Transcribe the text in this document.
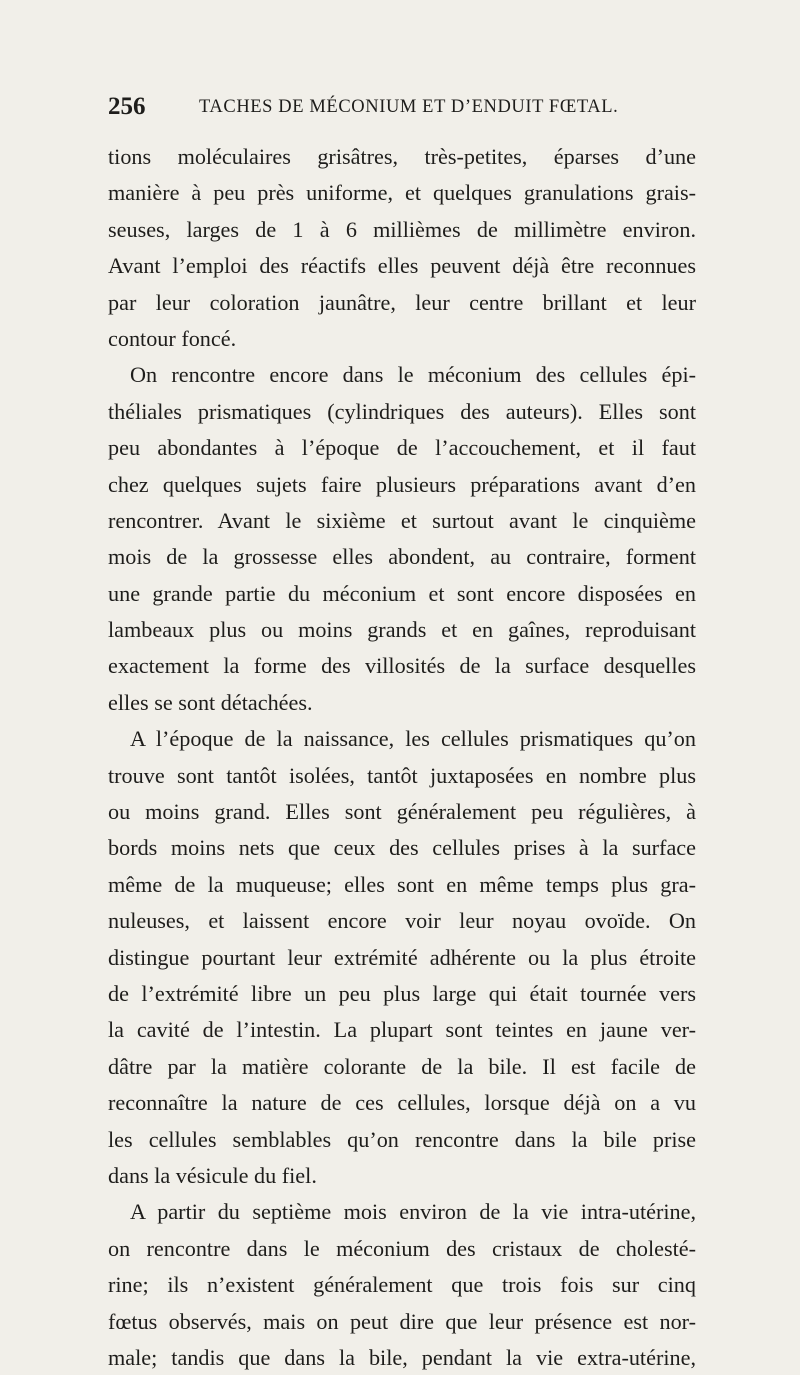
256	TACHES DE MÉCONIUM ET D’ENDUIT FŒTAL.
tions moléculaires grisâtres, très-petites, éparses d’une
manière à peu près uniforme, et quelques granulations grais-
seuses, larges de 1 à 6 millièmes de millimètre environ.
Avant l’emploi des réactifs elles peuvent déjà être reconnues
par leur coloration jaunâtre, leur centre brillant et leur
contour foncé.
On rencontre encore dans le méconium des cellules épi-
théliales prismatiques (cylindriques des auteurs). Elles sont
peu abondantes à l’époque de l’accouchement, et il faut
chez quelques sujets faire plusieurs préparations avant d’en
rencontrer. Avant le sixième et surtout avant le cinquième
mois de la grossesse elles abondent, au contraire, forment
une grande partie du méconium et sont encore disposées en
lambeaux plus ou moins grands et en gaînes, reproduisant
exactement la forme des villosités de la surface desquelles
elles se sont détachées.
A l’époque de la naissance, les cellules prismatiques qu’on
trouve sont tantôt isolées, tantôt juxtaposées en nombre plus
ou moins grand. Elles sont généralement peu régulières, à
bords moins nets que ceux des cellules prises à la surface
même de la muqueuse; elles sont en même temps plus gra-
nuleuses, et laissent encore voir leur noyau ovoïde. On
distingue pourtant leur extrémité adhérente ou la plus étroite
de l’extrémité libre un peu plus large qui était tournée vers
la cavité de l’intestin. La plupart sont teintes en jaune ver-
dâtre par la matière colorante de la bile. Il est facile de
reconnaître la nature de ces cellules, lorsque déjà on a vu
les cellules semblables qu’on rencontre dans la bile prise
dans la vésicule du fiel.
A partir du septième mois environ de la vie intra-utérine,
on rencontre dans le méconium des cristaux de cholesté-
rine; ils n’existent généralement que trois fois sur cinq
fœtus observés, mais on peut dire que leur présence est nor-
male; tandis que dans la bile, pendant la vie extra-utérine,
